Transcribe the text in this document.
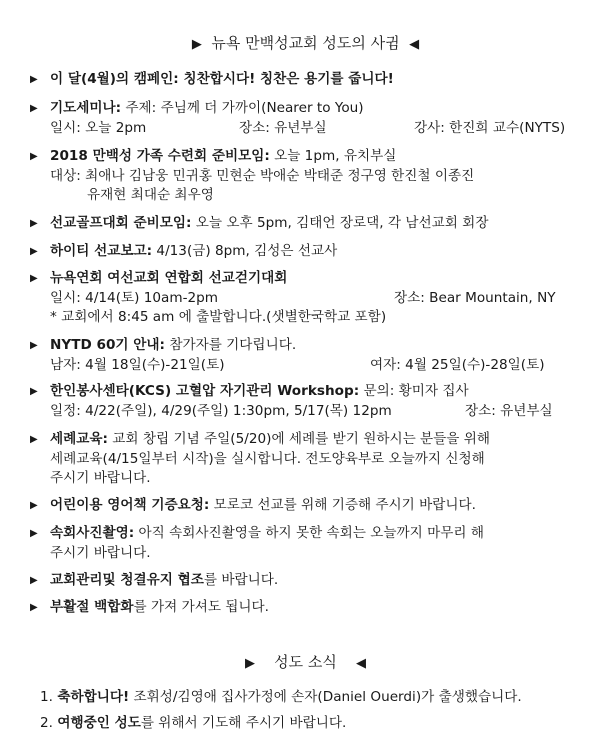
▶ 뉴욕 만백성교회 성도의 사귐 ◀
▶ 이 달(4월)의 캠페인: 칭찬합시다! 칭찬은 용기를 줍니다!
▶ 기도세미나: 주제: 주님께 더 가까이(Nearer to You)
일시: 오늘 2pm	장소: 유년부실	강사: 한진희 교수(NYTS)
▶ 2018 만백성 가족 수련회 준비모임: 오늘 1pm, 유치부실
대상: 최애나 김남웅 민귀홍 민현순 박애순 박태준 정구영 한진철 이종진
유재현 최대순 최우영
▶ 선교골프대회 준비모임: 오늘 오후 5pm, 김태언 장로댁, 각 남선교회 회장
▶ 하이티 선교보고: 4/13(금) 8pm, 김성은 선교사
▶ 뉴욕연회 여선교회 연합회 선교걷기대회
일시: 4/14(토) 10am-2pm	장소: Bear Mountain, NY
* 교회에서 8:45 am 에 출발합니다.(샛별한국학교 포함)
▶ NYTD 60기 안내: 참가자를 기다립니다.
남자: 4월 18일(수)-21일(토)	여자: 4월 25일(수)-28일(토)
▶ 한인봉사센타(KCS) 고혈압 자기관리 Workshop: 문의: 황미자 집사
일정: 4/22(주일), 4/29(주일) 1:30pm, 5/17(목) 12pm	장소: 유년부실
▶ 세례교육: 교회 창립 기념 주일(5/20)에 세례를 받기 원하시는 분들을 위해
세례교육(4/15일부터 시작)을 실시합니다. 전도양육부로 오늘까지 신청해
주시기 바랍니다.
▶ 어린이용 영어책 기증요청: 모로코 선교를 위해 기증해 주시기 바랍니다.
▶ 속회사진촬영: 아직 속회사진촬영을 하지 못한 속회는 오늘까지 마무리 해
주시기 바랍니다.
▶ 교회관리및 청결유지 협조를 바랍니다.
▶ 부활절 백합화를 가져 가셔도 됩니다.
▶ 성도 소식 ◀
1. 축하합니다! 조휘성/김영애 집사가정에 손자(Daniel Ouerdi)가 출생했습니다.
2. 여행중인 성도를 위해서 기도해 주시기 바랍니다.
